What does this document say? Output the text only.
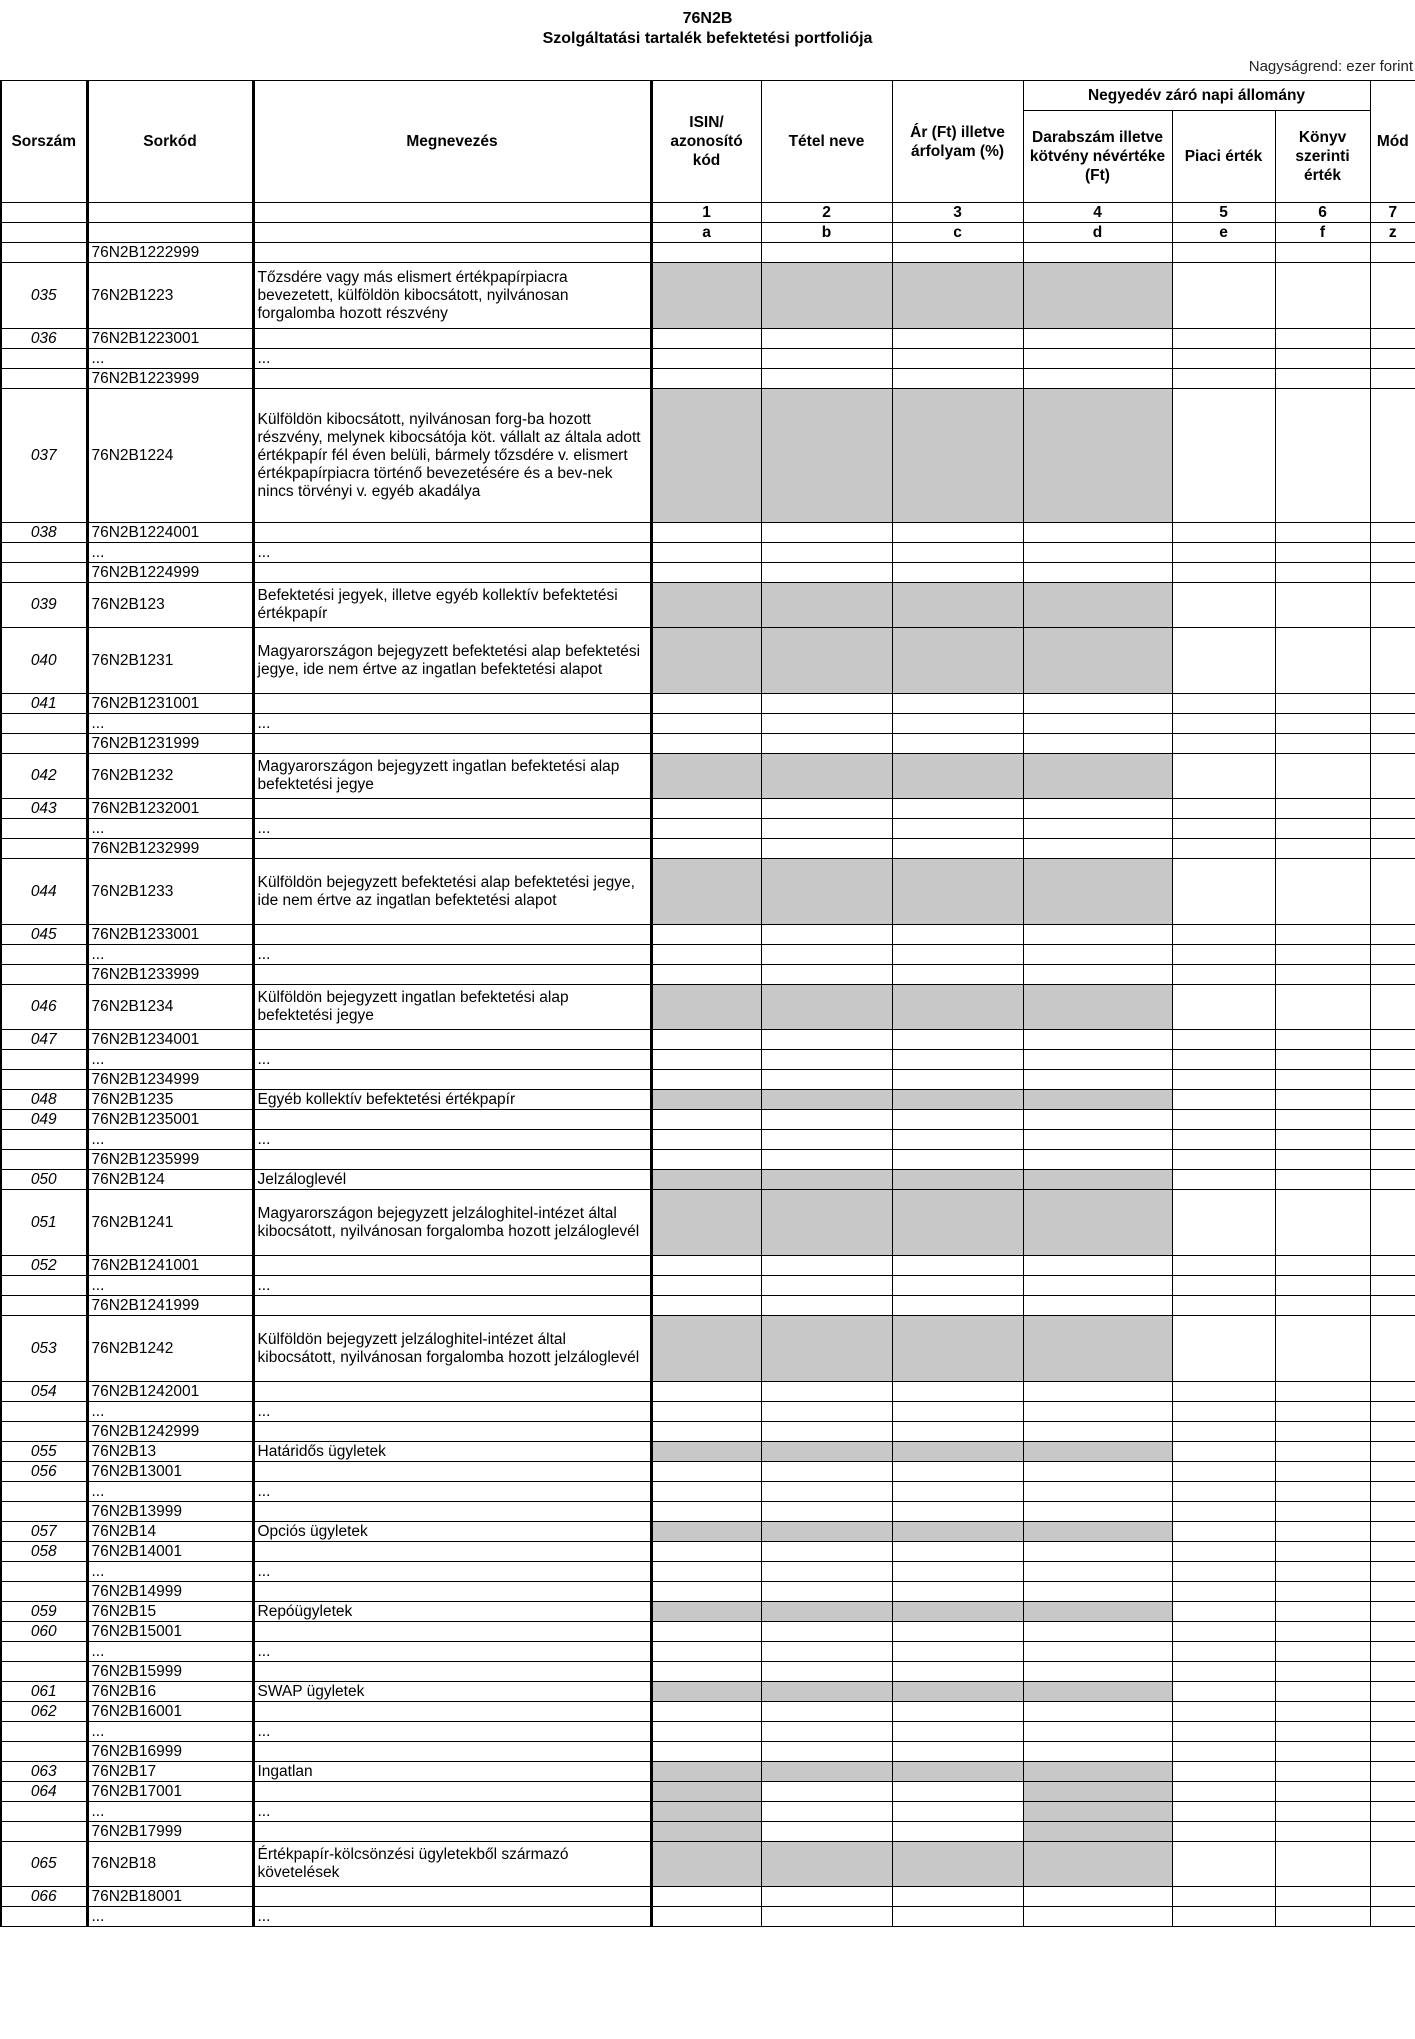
76N2B
Szolgáltatási tartalék befektetési portfoliója
Nagyságrend: ezer forint
Sorszám	Sorkód	Megnevezés	ISIN/ azonosító kód	Tétel neve	Ár (Ft) illetve árfolyam (%)	Negyedév záró napi állomány			Mód
						Darabszám illetve kötvény névértéke (Ft)	Piaci érték	Könyv szerinti érték	
			1	2	3	4	5	6	7
			a	b	c	d	e	f	z
	76N2B1222999								
035	76N2B1223	Tőzsdére vagy más elismert értékpapírpiacra bevezetett, külföldön kibocsátott, nyilvánosan forgalomba hozott részvény							
036	76N2B1223001								
	...	...							
	76N2B1223999								
037	76N2B1224	Külföldön kibocsátott, nyilvánosan forg-ba hozott részvény, melynek kibocsátója köt. vállalt az általa adott értékpapír fél éven belüli, bármely tőzsdére v. elismert értékpapírpiacra történő bevezetésére és a bev-nek nincs törvényi v. egyéb akadálya							
038	76N2B1224001								
	...	...							
	76N2B1224999								
039	76N2B123	Befektetési jegyek, illetve egyéb kollektív befektetési értékpapír							
040	76N2B1231	Magyarországon bejegyzett befektetési alap befektetési jegye, ide nem értve az ingatlan befektetési alapot							
041	76N2B1231001								
	...	...							
	76N2B1231999								
042	76N2B1232	Magyarországon bejegyzett ingatlan befektetési alap befektetési jegye							
043	76N2B1232001								
	...	...							
	76N2B1232999								
044	76N2B1233	Külföldön bejegyzett befektetési alap befektetési jegye, ide nem értve az ingatlan befektetési alapot							
045	76N2B1233001								
	...	...							
	76N2B1233999								
046	76N2B1234	Külföldön bejegyzett ingatlan befektetési alap befektetési jegye							
047	76N2B1234001								
	...	...							
	76N2B1234999								
048	76N2B1235	Egyéb kollektív befektetési értékpapír							
049	76N2B1235001								
	...	...							
	76N2B1235999								
050	76N2B124	Jelzáloglevél							
051	76N2B1241	Magyarországon bejegyzett jelzáloghitel-intézet által kibocsátott, nyilvánosan forgalomba hozott jelzáloglevél							
052	76N2B1241001								
	...	...							
	76N2B1241999								
053	76N2B1242	Külföldön bejegyzett jelzáloghitel-intézet által kibocsátott, nyilvánosan forgalomba hozott jelzáloglevél							
054	76N2B1242001								
	...	...							
	76N2B1242999								
055	76N2B13	Határidős ügyletek							
056	76N2B13001								
	...	...							
	76N2B13999								
057	76N2B14	Opciós ügyletek							
058	76N2B14001								
	...	...							
	76N2B14999								
059	76N2B15	Repóügyletek							
060	76N2B15001								
	...	...							
	76N2B15999								
061	76N2B16	SWAP ügyletek							
062	76N2B16001								
	...	...							
	76N2B16999								
063	76N2B17	Ingatlan							
064	76N2B17001								
	...	...							
	76N2B17999								
065	76N2B18	Értékpapír-kölcsönzési ügyletekből származó követelések							
066	76N2B18001								
	...	...							
